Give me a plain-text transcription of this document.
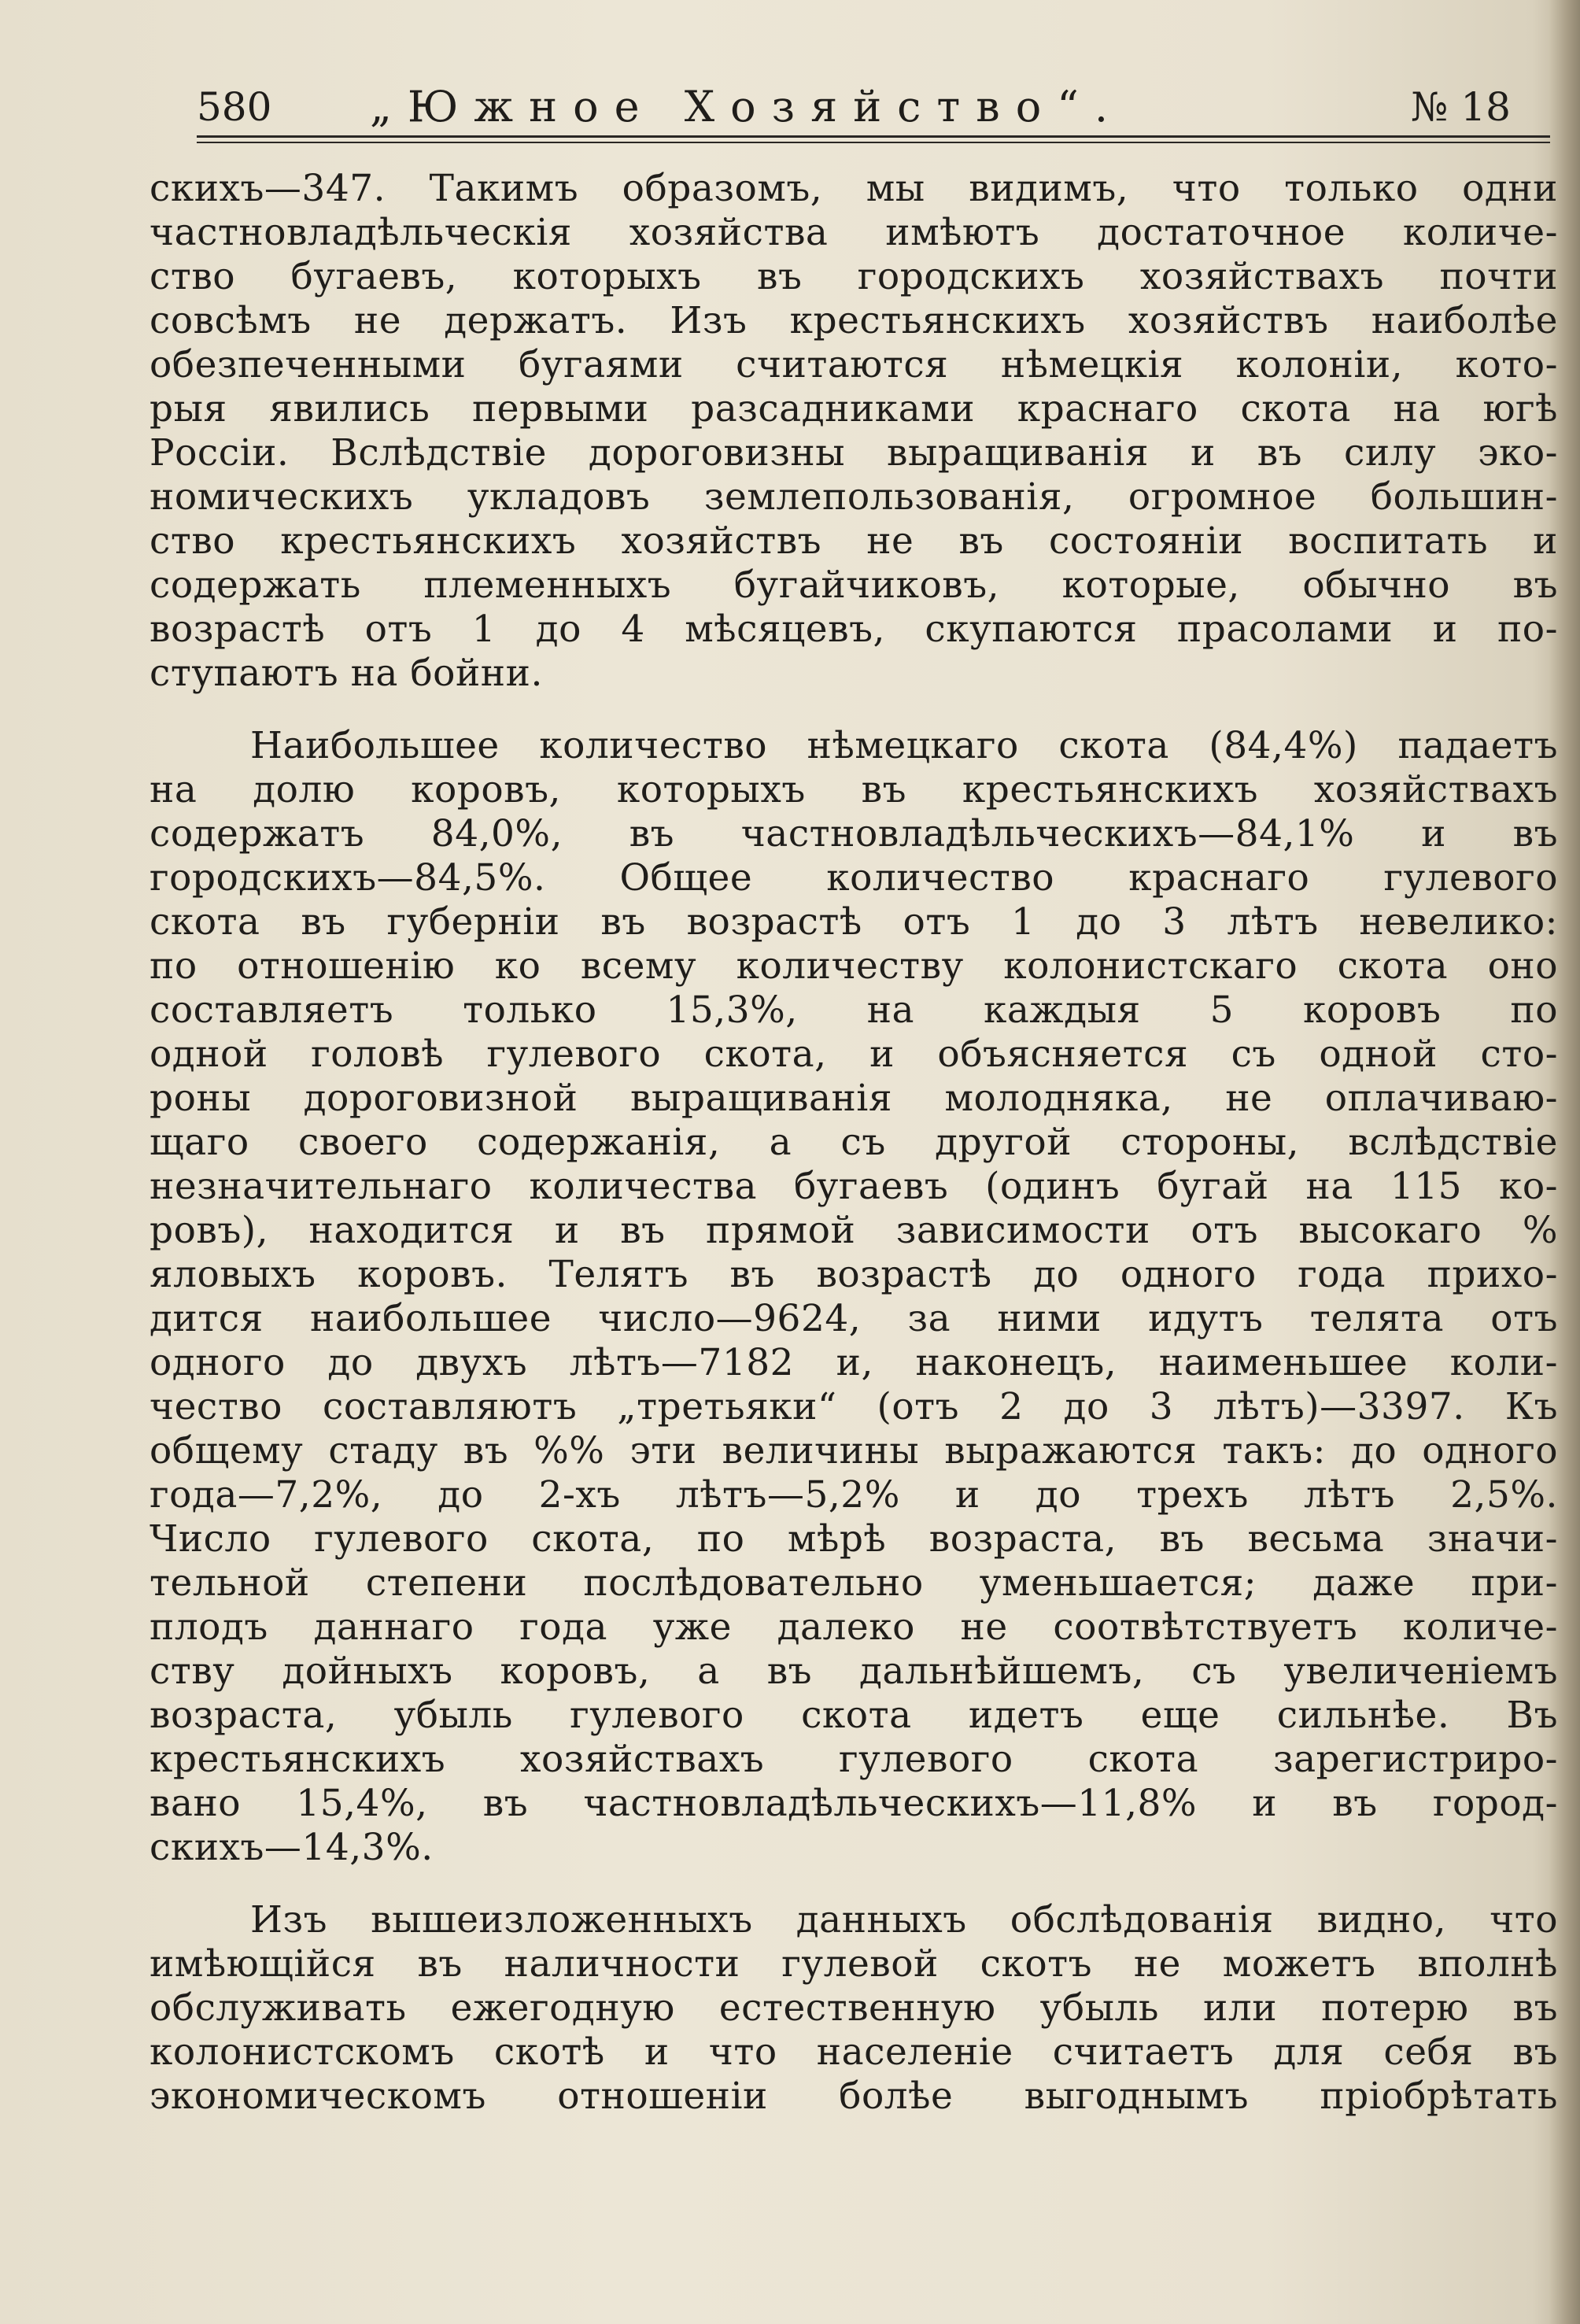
580 „Южное Хозяйство“.	№ 18
скихъ—347. Такимъ образомъ, мы видимъ, что только одни
частновладѣльческія хозяйства имѣютъ достаточное количе-
ство бугаевъ, которыхъ въ городскихъ хозяйствахъ почти
совсѣмъ не держатъ. Изъ крестьянскихъ хозяйствъ наиболѣе
обезпеченными бугаями считаются нѣмецкія колоніи, кото-
рыя явились первыми разсадниками краснаго скота на югѣ
Россіи. Вслѣдствіе дороговизны выращиванія и въ силу эко-
номическихъ укладовъ землепользованія, огромное большин-
ство крестьянскихъ хозяйствъ не въ состояніи воспитать и
содержать племенныхъ бугайчиковъ, которые, обычно въ
возрастѣ отъ 1 до 4 мѣсяцевъ, скупаются прасолами и по-
ступаютъ на бойни.
Наибольшее количество нѣмецкаго скота (84,4%) падаетъ
на долю коровъ, которыхъ въ крестьянскихъ хозяйствахъ
содержатъ 84,0%, въ частновладѣльческихъ—84,1% и въ
городскихъ—84,5%. Общее количество краснаго гулевого
скота въ губерніи въ возрастѣ отъ 1 до 3 лѣтъ невелико:
по отношенію ко всему количеству колонистскаго скота оно
составляетъ только 15,3%, на каждыя 5 коровъ по
одной головѣ гулевого скота, и объясняется съ одной сто-
роны дороговизной выращиванія молодняка, не оплачиваю-
щаго своего содержанія, а съ другой стороны, вслѣдствіе
незначительнаго количества бугаевъ (одинъ бугай на 115 ко-
ровъ), находится и въ прямой зависимости отъ высокаго %
яловыхъ коровъ. Телятъ въ возрастѣ до одного года прихо-
дится наибольшее число—9624, за ними идутъ телята отъ
одного до двухъ лѣтъ—7182 и, наконецъ, наименьшее коли-
чество составляютъ „третьяки“ (отъ 2 до 3 лѣтъ)—3397. Къ
общему стаду въ %% эти величины выражаются такъ: до одного
года—7,2%, до 2-хъ лѣтъ—5,2% и до трехъ лѣтъ 2,5%.
Число гулевого скота, по мѣрѣ возраста, въ весьма значи-
тельной степени послѣдовательно уменьшается; даже при-
плодъ даннаго года уже далеко не соотвѣтствуетъ количе-
ству дойныхъ коровъ, а въ дальнѣйшемъ, съ увеличеніемъ
возраста, убыль гулевого скота идетъ еще сильнѣе. Въ
крестьянскихъ хозяйствахъ гулевого скота зарегистриро-
вано 15,4%, въ частновладѣльческихъ—11,8% и въ город-
скихъ—14,3%.
Изъ вышеизложенныхъ данныхъ обслѣдованія видно, что
имѣющійся въ наличности гулевой скотъ не можетъ вполнѣ
обслуживать ежегодную естественную убыль или потерю въ
колонистскомъ скотѣ и что населеніе считаетъ для себя въ
экономическомъ отношеніи болѣе выгоднымъ пріобрѣтать
